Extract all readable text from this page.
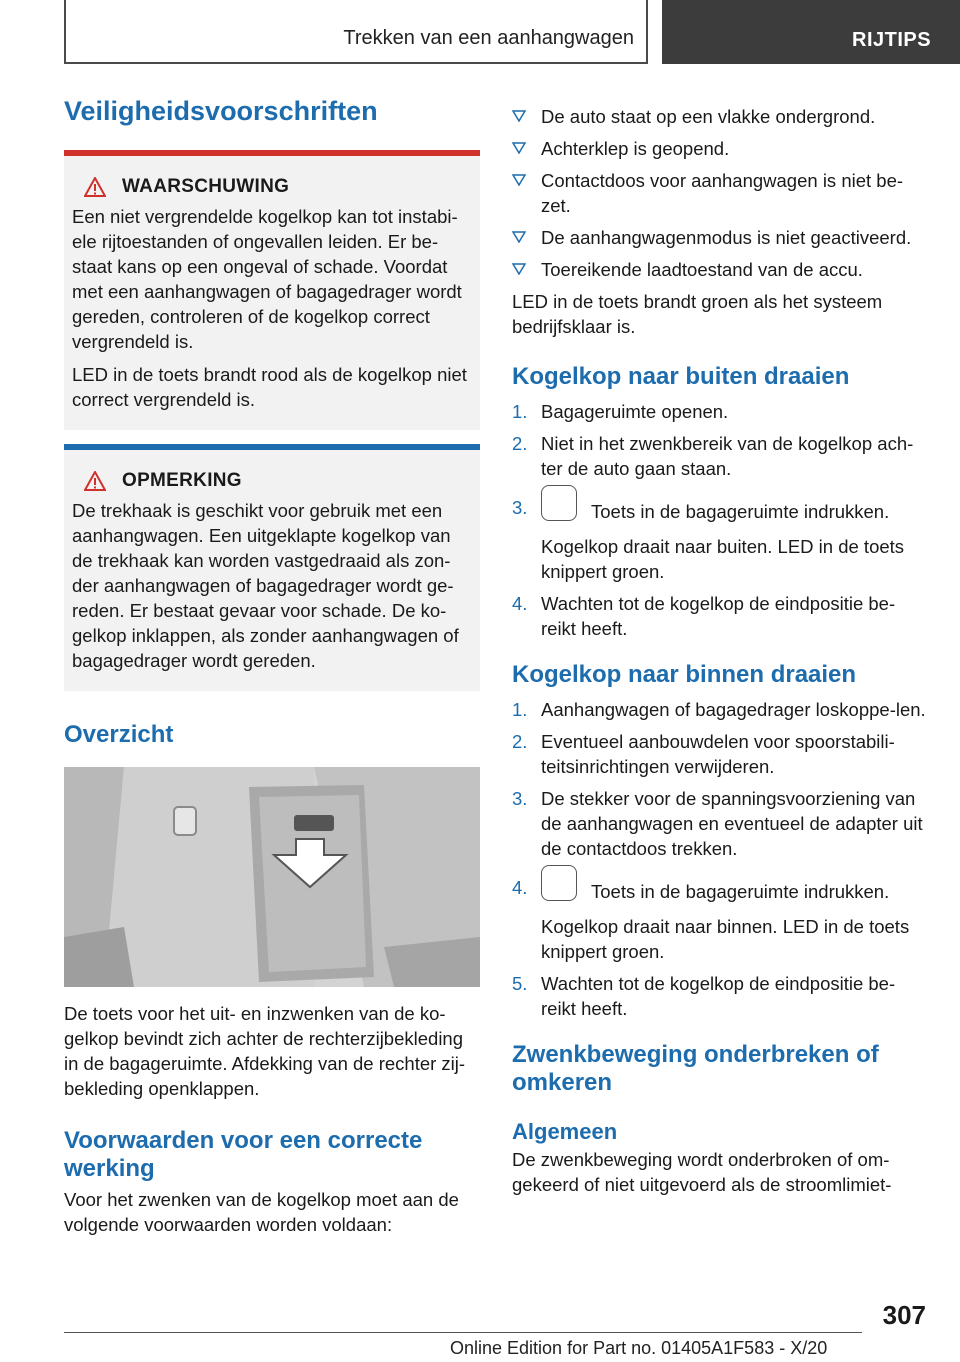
Trekken van een aanhangwagen	RIJTIPS
Veiligheidsvoorschriften
WAARSCHUWING

Een niet vergrendelde kogelkop kan tot instabi-ele rijtoestanden of ongevallen leiden. Er be-staat kans op een ongeval of schade. Voordat met een aanhangwagen of bagagedrager wordt gereden, controleren of de kogelkop correct vergrendeld is.

LED in de toets brandt rood als de kogelkop niet correct vergrendeld is.

OPMERKING

De trekhaak is geschikt voor gebruik met een aanhangwagen. Een uitgeklapte kogelkop van de trekhaak kan worden vastgedraaid als zon-der aanhangwagen of bagagedrager wordt ge-reden. Er bestaat gevaar voor schade. De ko-gelkop inklappen, als zonder aanhangwagen of bagagedrager wordt gereden.

Overzicht

De toets voor het uit- en inzwenken van de ko-gelkop bevindt zich achter de rechterzijbekleding in de bagageruimte. Afdekking van de rechter zij-bekleding openklappen.

Voorwaarden voor een correcte werking

Voor het zwenken van de kogelkop moet aan de volgende voorwaarden worden voldaan:

De auto staat op een vlakke ondergrond.
Achterklep is geopend.
Contactdoos voor aanhangwagen is niet be-zet.
De aanhangwagenmodus is niet geactiveerd.
Toereikende laadtoestand van de accu.

LED in de toets brandt groen als het systeem bedrijfsklaar is.

Kogelkop naar buiten draaien
1. Bagageruimte openen.
2. Niet in het zwenkbereik van de kogelkop ach-ter de auto gaan staan.
3.	Toets in de bagageruimte indrukken.

Kogelkop draait naar buiten. LED in de toets knippert groen.

4. Wachten tot de kogelkop de eindpositie be-reikt heeft.
Kogelkop naar binnen draaien
1. Aanhangwagen of bagagedrager loskoppe-len.
2. Eventueel aanbouwdelen voor spoorstabili-teitsinrichtingen verwijderen.
3. De stekker voor de spanningsvoorziening van de aanhangwagen en eventueel de adapter uit de contactdoos trekken.
4.	Toets in de bagageruimte indrukken.

Kogelkop draait naar binnen. LED in de toets knippert groen.

5. Wachten tot de kogelkop de eindpositie be-reikt heeft.
Zwenkbeweging onderbreken of omkeren
Algemeen

De zwenkbeweging wordt onderbroken of om-gekeerd of niet uitgevoerd als de stroomlimiet-

307
Online Edition for Part no. 01405A1F583 - X/20
